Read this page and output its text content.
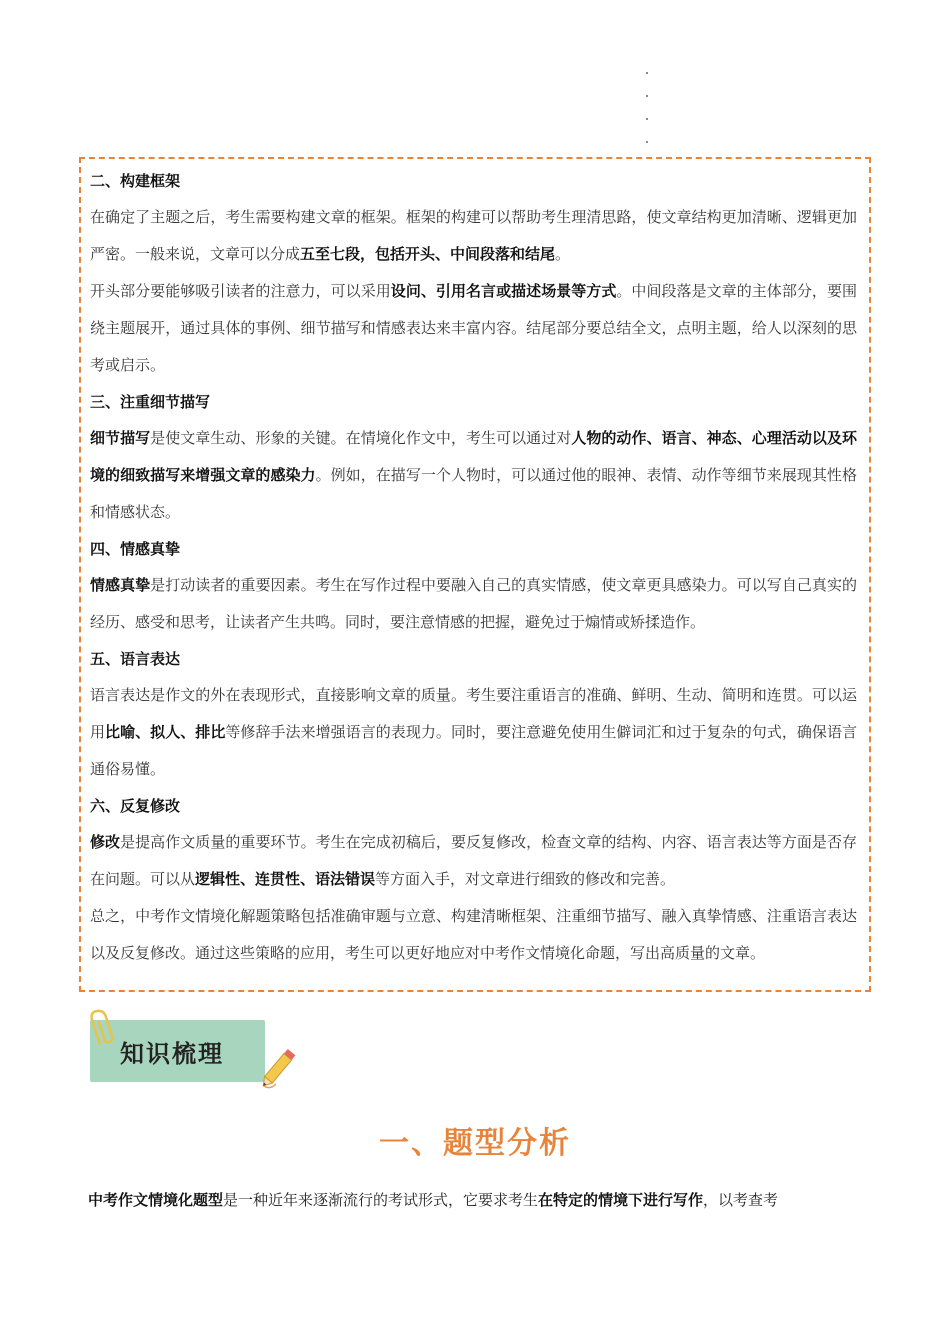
二、构建框架

在确定了主题之后，考生需要构建文章的框架。框架的构建可以帮助考生理清思路，使文章结构更加清晰、逻辑更加严密。一般来说，文章可以分成五至七段，包括开头、中间段落和结尾。

开头部分要能够吸引读者的注意力，可以采用设问、引用名言或描述场景等方式。中间段落是文章的主体部分，要围绕主题展开，通过具体的事例、细节描写和情感表达来丰富内容。结尾部分要总结全文，点明主题，给人以深刻的思考或启示。

三、注重细节描写

细节描写是使文章生动、形象的关键。在情境化作文中，考生可以通过对人物的动作、语言、神态、心理活动以及环境的细致描写来增强文章的感染力。例如，在描写一个人物时，可以通过他的眼神、表情、动作等细节来展现其性格和情感状态。

四、情感真挚

情感真挚是打动读者的重要因素。考生在写作过程中要融入自己的真实情感，使文章更具感染力。可以写自己真实的经历、感受和思考，让读者产生共鸣。同时，要注意情感的把握，避免过于煽情或矫揉造作。

五、语言表达

语言表达是作文的外在表现形式，直接影响文章的质量。考生要注重语言的准确、鲜明、生动、简明和连贯。可以运用比喻、拟人、排比等修辞手法来增强语言的表现力。同时，要注意避免使用生僻词汇和过于复杂的句式，确保语言通俗易懂。

六、反复修改

修改是提高作文质量的重要环节。考生在完成初稿后，要反复修改，检查文章的结构、内容、语言表达等方面是否存在问题。可以从逻辑性、连贯性、语法错误等方面入手，对文章进行细致的修改和完善。

总之，中考作文情境化解题策略包括准确审题与立意、构建清晰框架、注重细节描写、融入真挚情感、注重语言表达以及反复修改。通过这些策略的应用，考生可以更好地应对中考作文情境化命题，写出高质量的文章。

知识梳理
一、题型分析

中考作文情境化题型是一种近年来逐渐流行的考试形式，它要求考生在特定的情境下进行写作，以考查考
